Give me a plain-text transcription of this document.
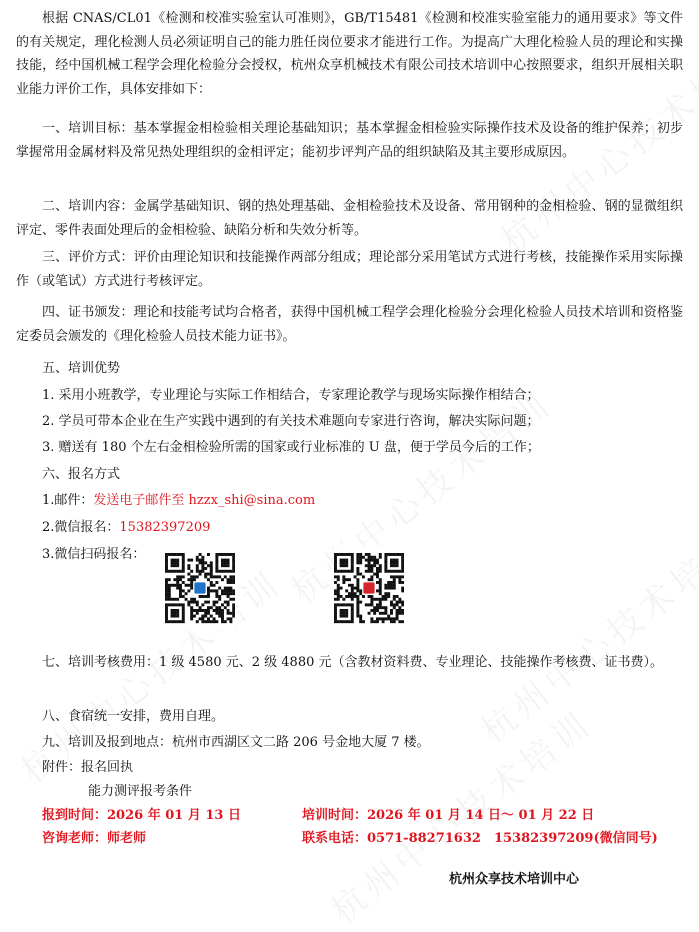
根据 CNAS/CL01《检测和校准实验室认可准则》，GB/T15481《检测和校准实验室能力的通用要求》等文件的有关规定，理化检测人员必须证明自己的能力胜任岗位要求才能进行工作。为提高广大理化检验人员的理论和实操技能，经中国机械工程学会理化检验分会授权，杭州众享机械技术有限公司技术培训中心按照要求，组织开展相关职业能力评价工作，具体安排如下：
一、培训目标：基本掌握金相检验相关理论基础知识；基本掌握金相检验实际操作技术及设备的维护保养；初步掌握常用金属材料及常见热处理组织的金相评定；能初步评判产品的组织缺陷及其主要形成原因。
二、培训内容：金属学基础知识、钢的热处理基础、金相检验技术及设备、常用钢种的金相检验、钢的显微组织评定、零件表面处理后的金相检验、缺陷分析和失效分析等。
三、评价方式：评价由理论知识和技能操作两部分组成；理论部分采用笔试方式进行考核，技能操作采用实际操作（或笔试）方式进行考核评定。
四、证书颁发：理论和技能考试均合格者，获得中国机械工程学会理化检验分会理化检验人员技术培训和资格鉴定委员会颁发的《理化检验人员技术能力证书》。
五、培训优势
1. 采用小班教学，专业理论与实际工作相结合，专家理论教学与现场实际操作相结合；
2. 学员可带本企业在生产实践中遇到的有关技术难题向专家进行咨询，解决实际问题；
3. 赠送有 180 个左右金相检验所需的国家或行业标准的 U 盘，便于学员今后的工作；
六、报名方式
1.邮件：发送电子邮件至 hzzx_shi@sina.com
2.微信报名：15382397209
3.微信扫码报名：
七、培训考核费用：1 级 4580 元、2 级 4880 元（含教材资料费、专业理论、技能操作考核费、证书费）。
八、食宿统一安排，费用自理。
九、培训及报到地点：杭州市西湖区文二路 206 号金地大厦 7 楼。
附件：报名回执
能力测评报考条件
报到时间：2026 年 01 月 13 日	培训时间：2026 年 01 月 14 日～ 01 月 22 日
咨询老师：师老师	联系电话：0571-88271632　15382397209(微信同号)
杭州众享技术培训中心
